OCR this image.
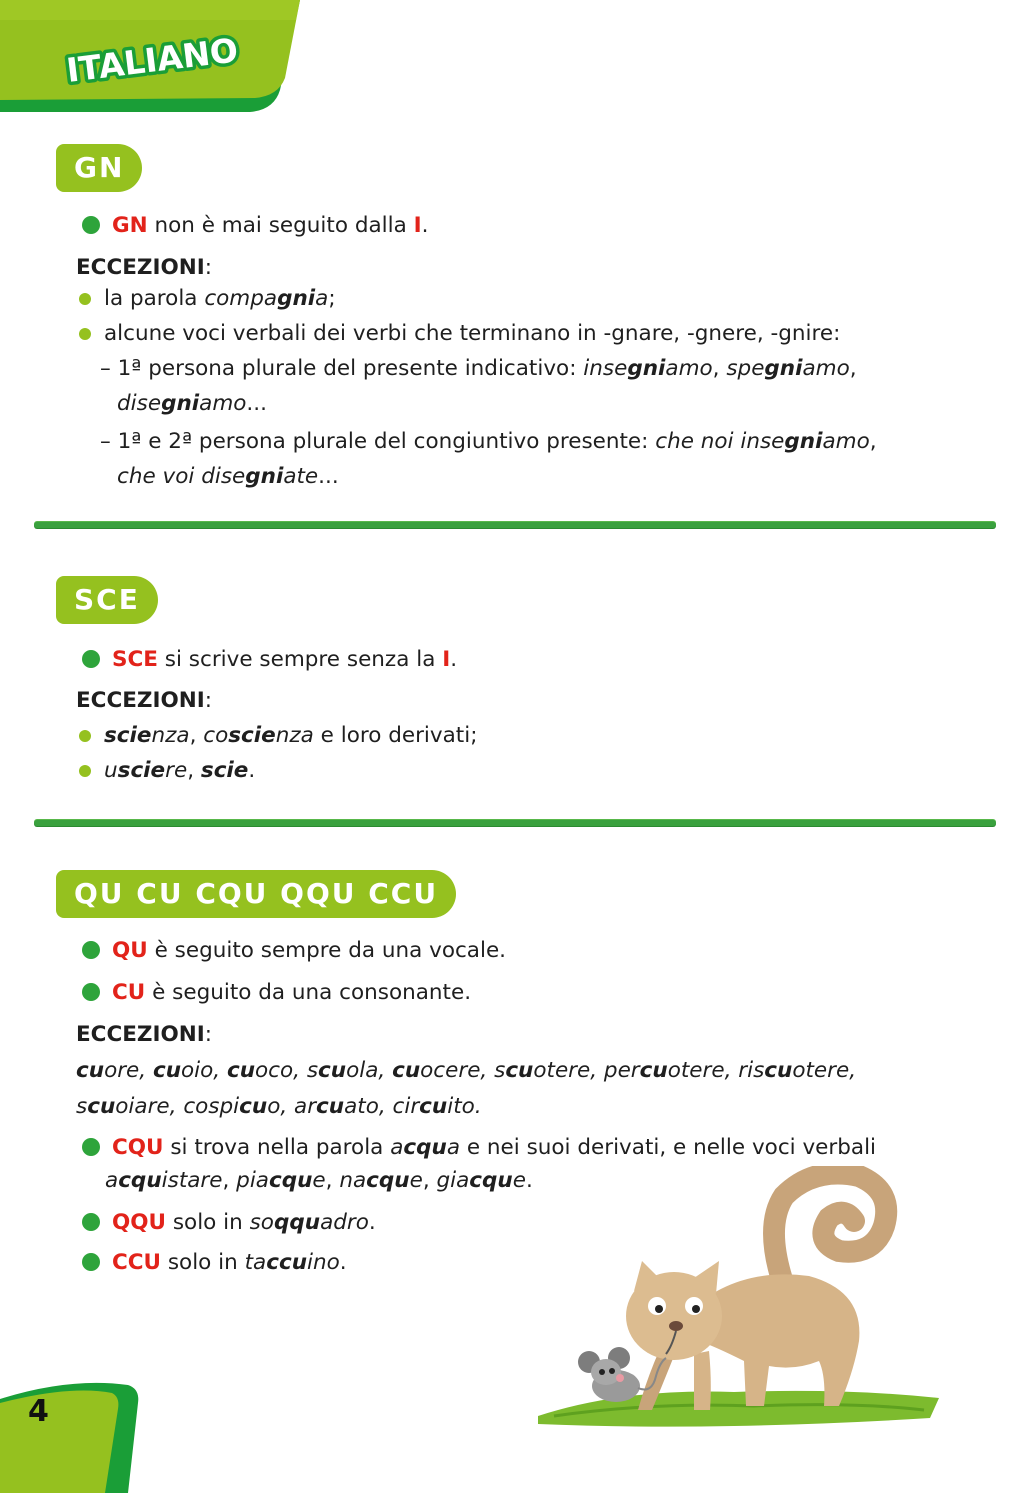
ITALIANO
GN
GN non è mai seguito dalla I.
ECCEZIONI:
la parola compagnia;
alcune voci verbali dei verbi che terminano in -gnare, -gnere, -gnire:
– 1ª persona plurale del presente indicativo: insegniamo, spegniamo,
disegniamo...
– 1ª e 2ª persona plurale del congiuntivo presente: che noi insegniamo,
che voi disegniate...
SCE
SCE si scrive sempre senza la I.
ECCEZIONI:
scienza, coscienza e loro derivati;
usciere, scie.
QU CU CQU QQU CCU
QU è seguito sempre da una vocale.
CU è seguito da una consonante.
ECCEZIONI:
cuore, cuoio, cuoco, scuola, cuocere, scuotere, percuotere, riscuotere,
scuoiare, cospicuo, arcuato, circuito.
CQU si trova nella parola acqua e nei suoi derivati, e nelle voci verbali
acquistare, piacque, nacque, giacque.
QQU solo in soqquadro.
CCU solo in taccuino.
4
